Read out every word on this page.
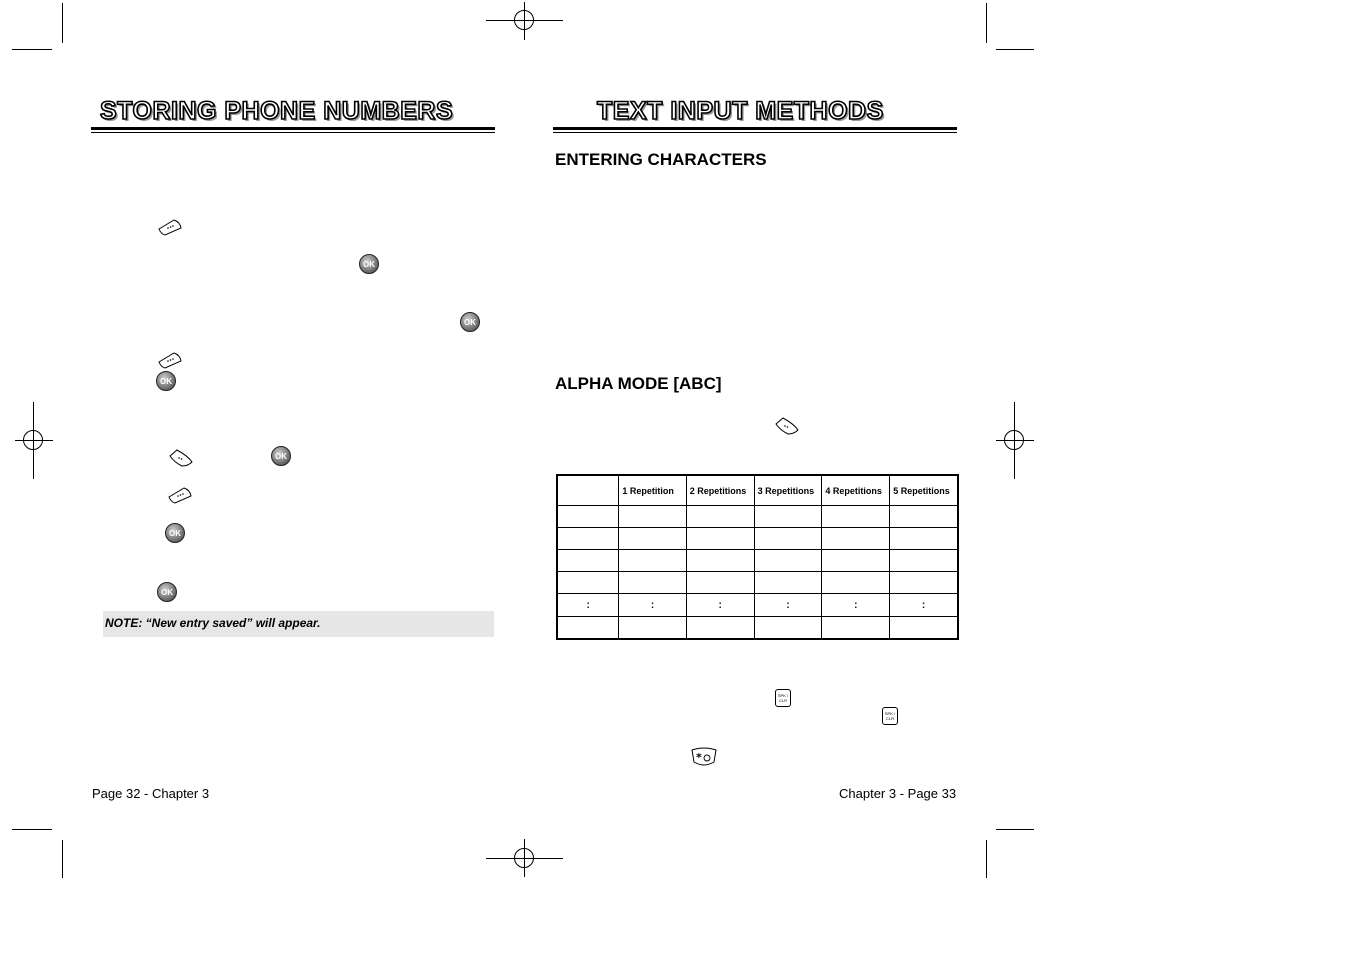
STORING PHONE NUMBERS
OK
OK
OK
OK
OK
OK
NOTE: “New entry saved” will appear.
Page 32 - Chapter 3
TEXT INPUT METHODS
ENTERING CHARACTERS
ALPHA MODE [ABC]
	1 Repetition	2 Repetitions	3 Repetitions	4 Repetitions	5 Repetitions

:	:	:	:	:	:

SPK / CLR
SPK / CLR
*
Chapter 3 - Page 33
